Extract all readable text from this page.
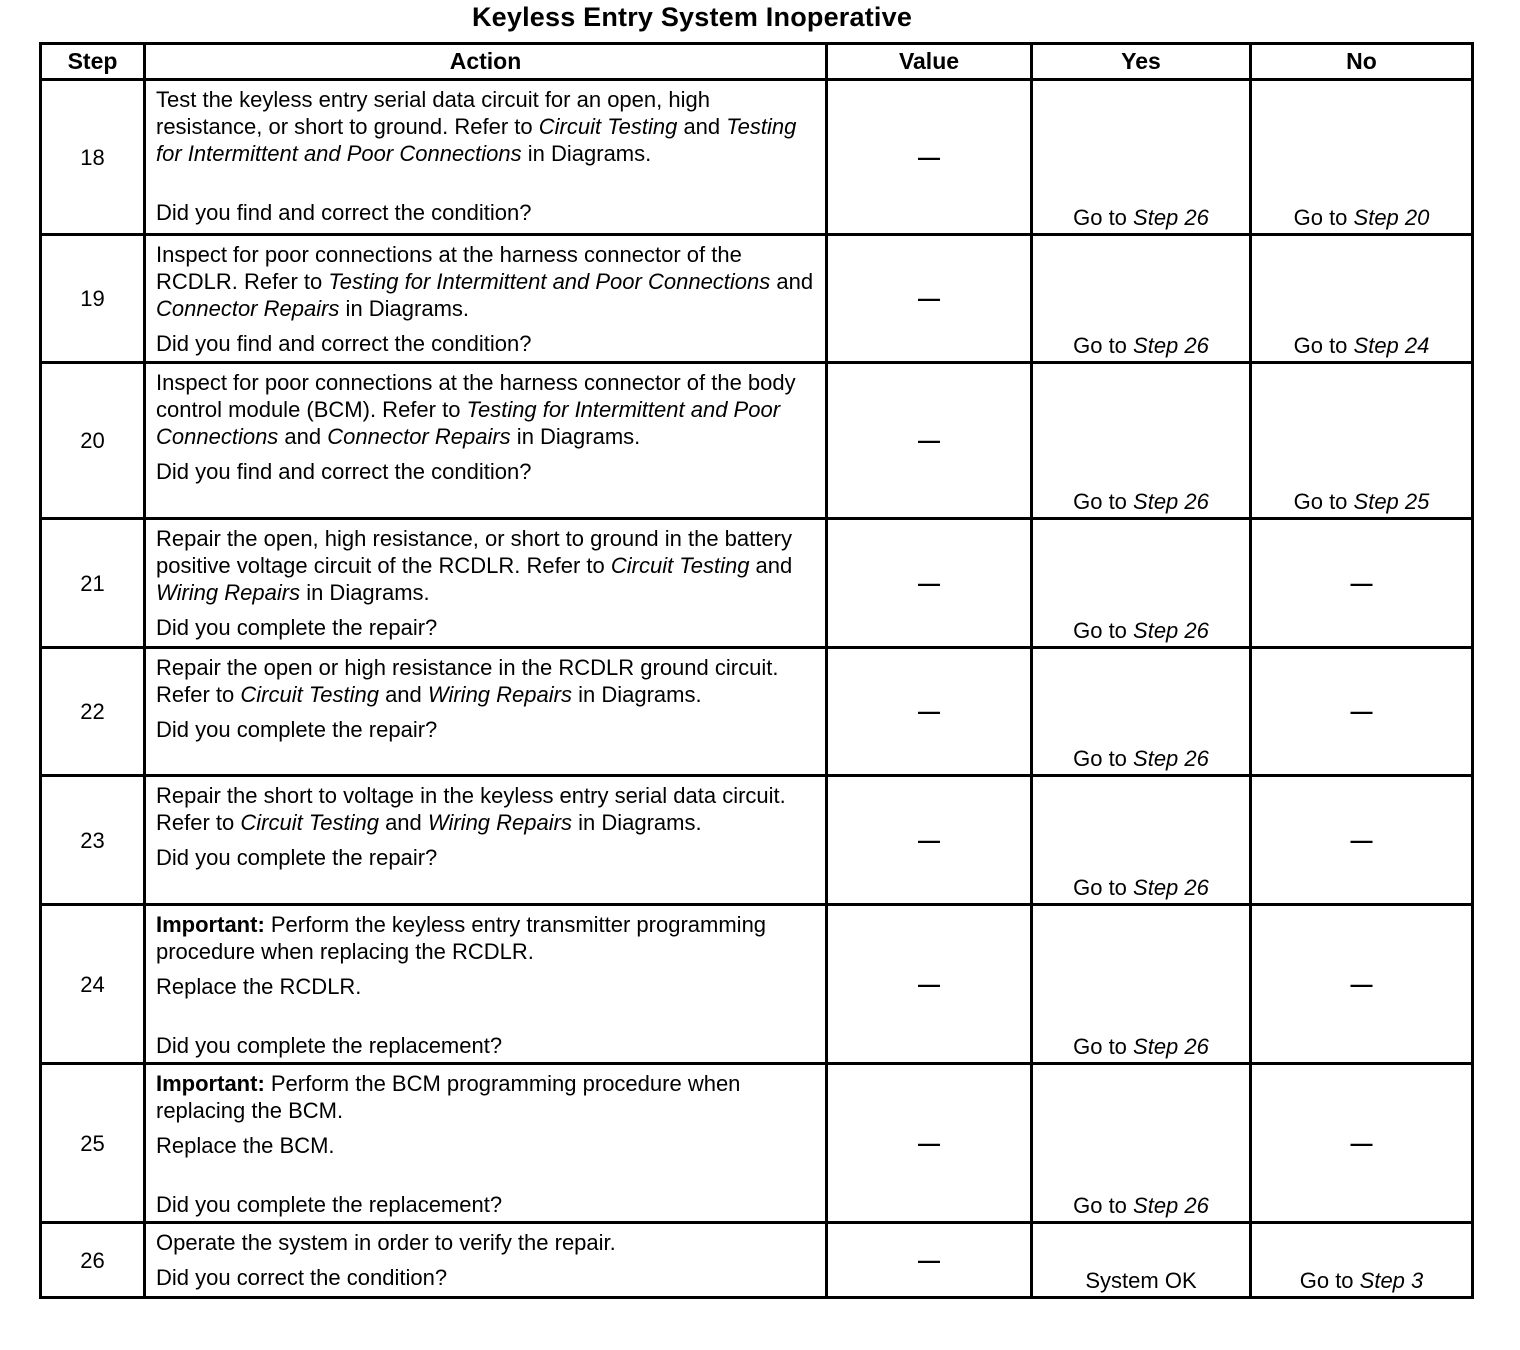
Keyless Entry System Inoperative
Step	Action	Value	Yes	No
18	Test the keyless entry serial data circuit for an open, high resistance, or short to ground. Refer to Circuit Testing and Testing for Intermittent and Poor Connections in Diagrams.
Did you find and correct the condition?	—	Go to Step 26	Go to Step 20
19	Inspect for poor connections at the harness connector of the RCDLR. Refer to Testing for Intermittent and Poor Connections and Connector Repairs in Diagrams.
Did you find and correct the condition?	—	Go to Step 26	Go to Step 24
20	Inspect for poor connections at the harness connector of the body control module (BCM). Refer to Testing for Intermittent and Poor Connections and Connector Repairs in Diagrams.
Did you find and correct the condition?	—	Go to Step 26	Go to Step 25
21	Repair the open, high resistance, or short to ground in the battery positive voltage circuit of the RCDLR. Refer to Circuit Testing and Wiring Repairs in Diagrams.
Did you complete the repair?	—	Go to Step 26	—
22	Repair the open or high resistance in the RCDLR ground circuit. Refer to Circuit Testing and Wiring Repairs in Diagrams.
Did you complete the repair?	—	Go to Step 26	—
23	Repair the short to voltage in the keyless entry serial data circuit. Refer to Circuit Testing and Wiring Repairs in Diagrams.
Did you complete the repair?	—	Go to Step 26	—
24	Important: Perform the keyless entry transmitter programming procedure when replacing the RCDLR.
Replace the RCDLR.
Did you complete the replacement?	—	Go to Step 26	—
25	Important: Perform the BCM programming procedure when replacing the BCM.
Replace the BCM.
Did you complete the replacement?	—	Go to Step 26	—
26	Operate the system in order to verify the repair.
Did you correct the condition?	—	System OK	Go to Step 3
